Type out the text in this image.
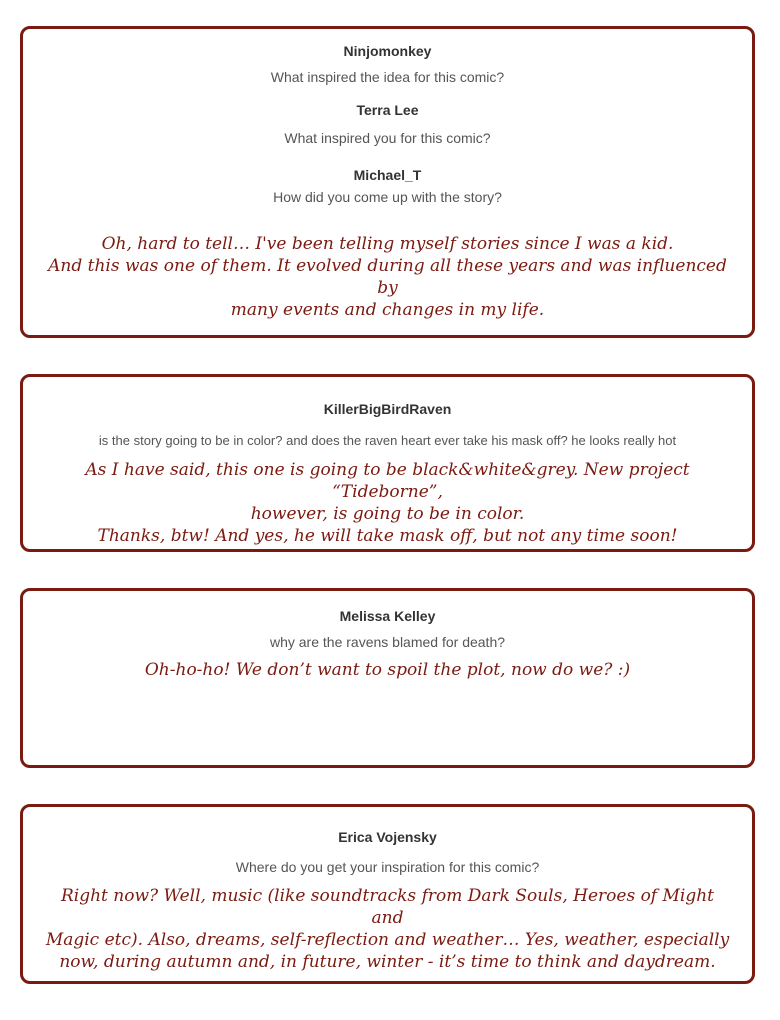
Ninjomonkey
What inspired the idea for this comic?
Terra Lee
What inspired you for this comic?
Michael_T
How did you come up with the story?
Oh, hard to tell… I've been telling myself stories since I was a kid.
And this was one of them. It evolved during all these years and was influenced by
many events and changes in my life.
KillerBigBirdRaven
is the story going to be in color? and does the raven heart ever take his mask off? he looks really hot
As I have said, this one is going to be black&white&grey. New project “Tideborne”,
however, is going to be in color.
Thanks, btw! And yes, he will take mask off, but not any time soon!
Melissa Kelley
why are the ravens blamed for death?
Oh-ho-ho! We don’t want to spoil the plot, now do we? :)
Erica Vojensky
Where do you get your inspiration for this comic?
Right now? Well, music (like soundtracks from Dark Souls, Heroes of Might and
Magic etc). Also, dreams, self-reflection and weather… Yes, weather, especially
now, during autumn and, in future, winter - it’s time to think and daydream.
